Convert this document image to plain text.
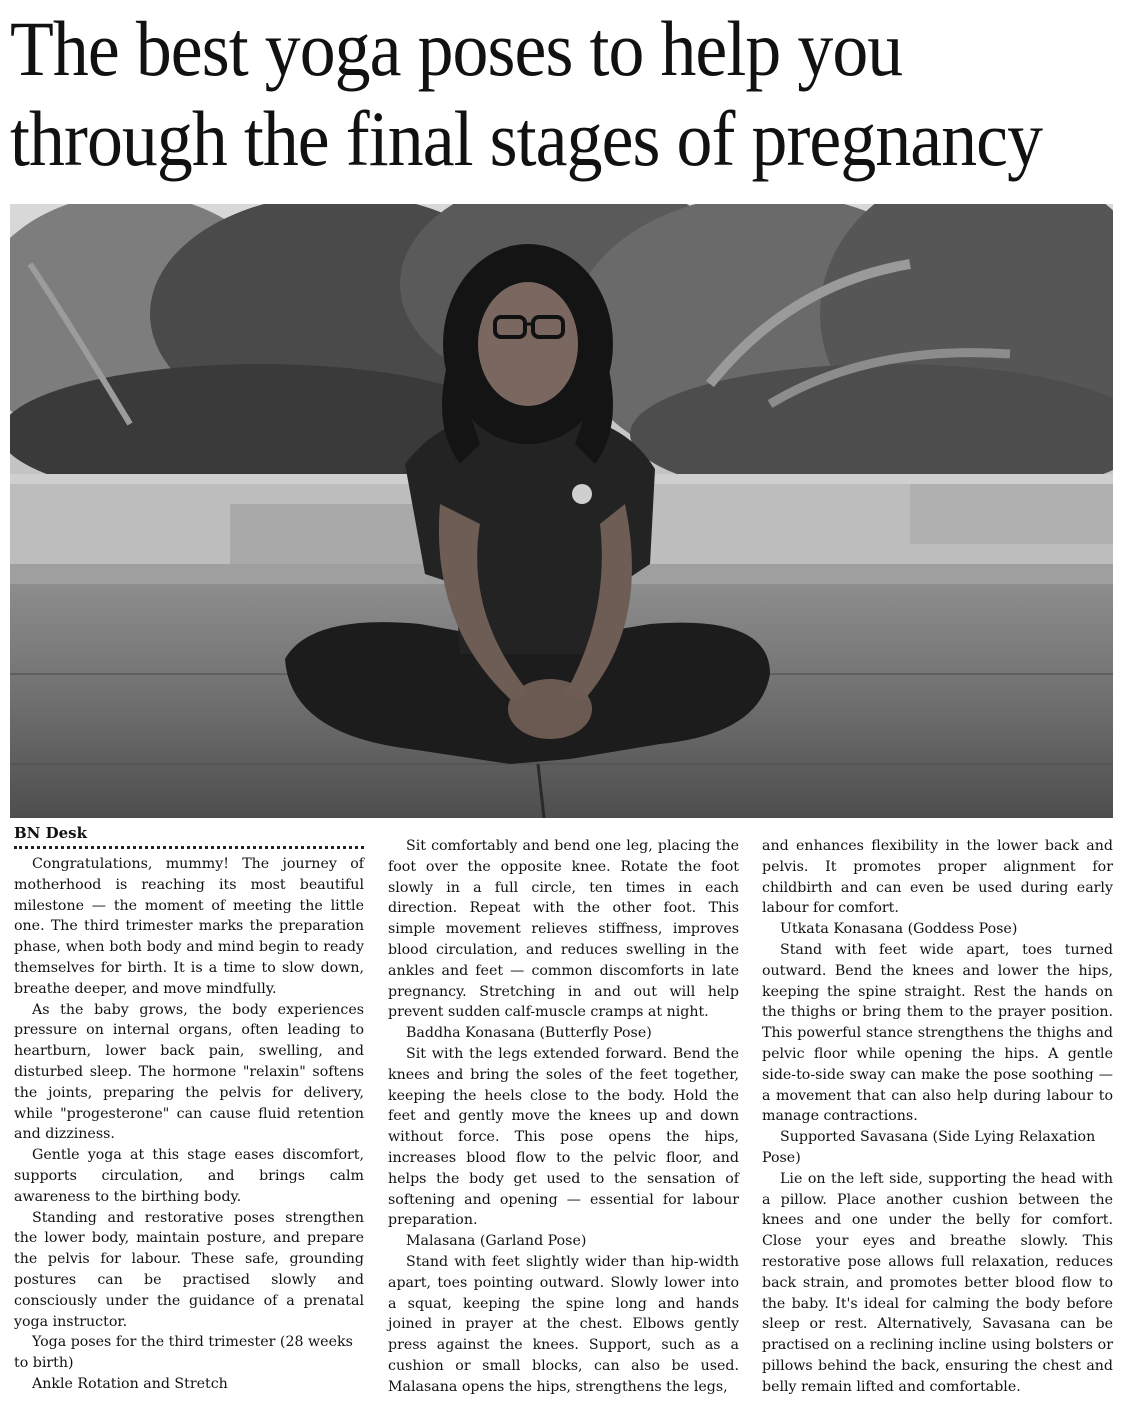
The best yoga poses to help you
through the final stages of pregnancy
BN Desk

Congratulations, mummy! The journey of motherhood is reaching its most beautiful milestone — the moment of meeting the little one. The third trimester marks the preparation phase, when both body and mind begin to ready themselves for birth. It is a time to slow down, breathe deeper, and move mindfully.

As the baby grows, the body experiences pressure on internal organs, often leading to heartburn, lower back pain, swelling, and disturbed sleep. The hormone "relaxin" softens the joints, preparing the pelvis for delivery, while "progesterone" can cause fluid retention and dizziness.

Gentle yoga at this stage eases discomfort, supports circulation, and brings calm awareness to the birthing body.

Standing and restorative poses strengthen the lower body, maintain posture, and prepare the pelvis for labour. These safe, grounding postures can be practised slowly and consciously under the guidance of a prenatal yoga instructor.

Yoga poses for the third trimester (28 weeks to birth)

Ankle Rotation and Stretch

Sit comfortably and bend one leg, placing the foot over the opposite knee. Rotate the foot slowly in a full circle, ten times in each direction. Repeat with the other foot. This simple movement relieves stiffness, improves blood circulation, and reduces swelling in the ankles and feet — common discomforts in late pregnancy. Stretching in and out will help prevent sudden calf-muscle cramps at night.

Baddha Konasana (Butterfly Pose)

Sit with the legs extended forward. Bend the knees and bring the soles of the feet together, keeping the heels close to the body. Hold the feet and gently move the knees up and down without force. This pose opens the hips, increases blood flow to the pelvic floor, and helps the body get used to the sensation of softening and opening — essential for labour preparation.

Malasana (Garland Pose)

Stand with feet slightly wider than hip-width apart, toes pointing outward. Slowly lower into a squat, keeping the spine long and hands joined in prayer at the chest. Elbows gently press against the knees. Support, such as a cushion or small blocks, can also be used. Malasana opens the hips, strengthens the legs,

and enhances flexibility in the lower back and pelvis. It promotes proper alignment for childbirth and can even be used during early labour for comfort.

Utkata Konasana (Goddess Pose)

Stand with feet wide apart, toes turned outward. Bend the knees and lower the hips, keeping the spine straight. Rest the hands on the thighs or bring them to the prayer position. This powerful stance strengthens the thighs and pelvic floor while opening the hips. A gentle side-to-side sway can make the pose soothing — a movement that can also help during labour to manage contractions.

Supported Savasana (Side Lying Relaxation Pose)

Lie on the left side, supporting the head with a pillow. Place another cushion between the knees and one under the belly for comfort. Close your eyes and breathe slowly. This restorative pose allows full relaxation, reduces back strain, and promotes better blood flow to the baby. It's ideal for calming the body before sleep or rest. Alternatively, Savasana can be practised on a reclining incline using bolsters or pillows behind the back, ensuring the chest and belly remain lifted and comfortable.
